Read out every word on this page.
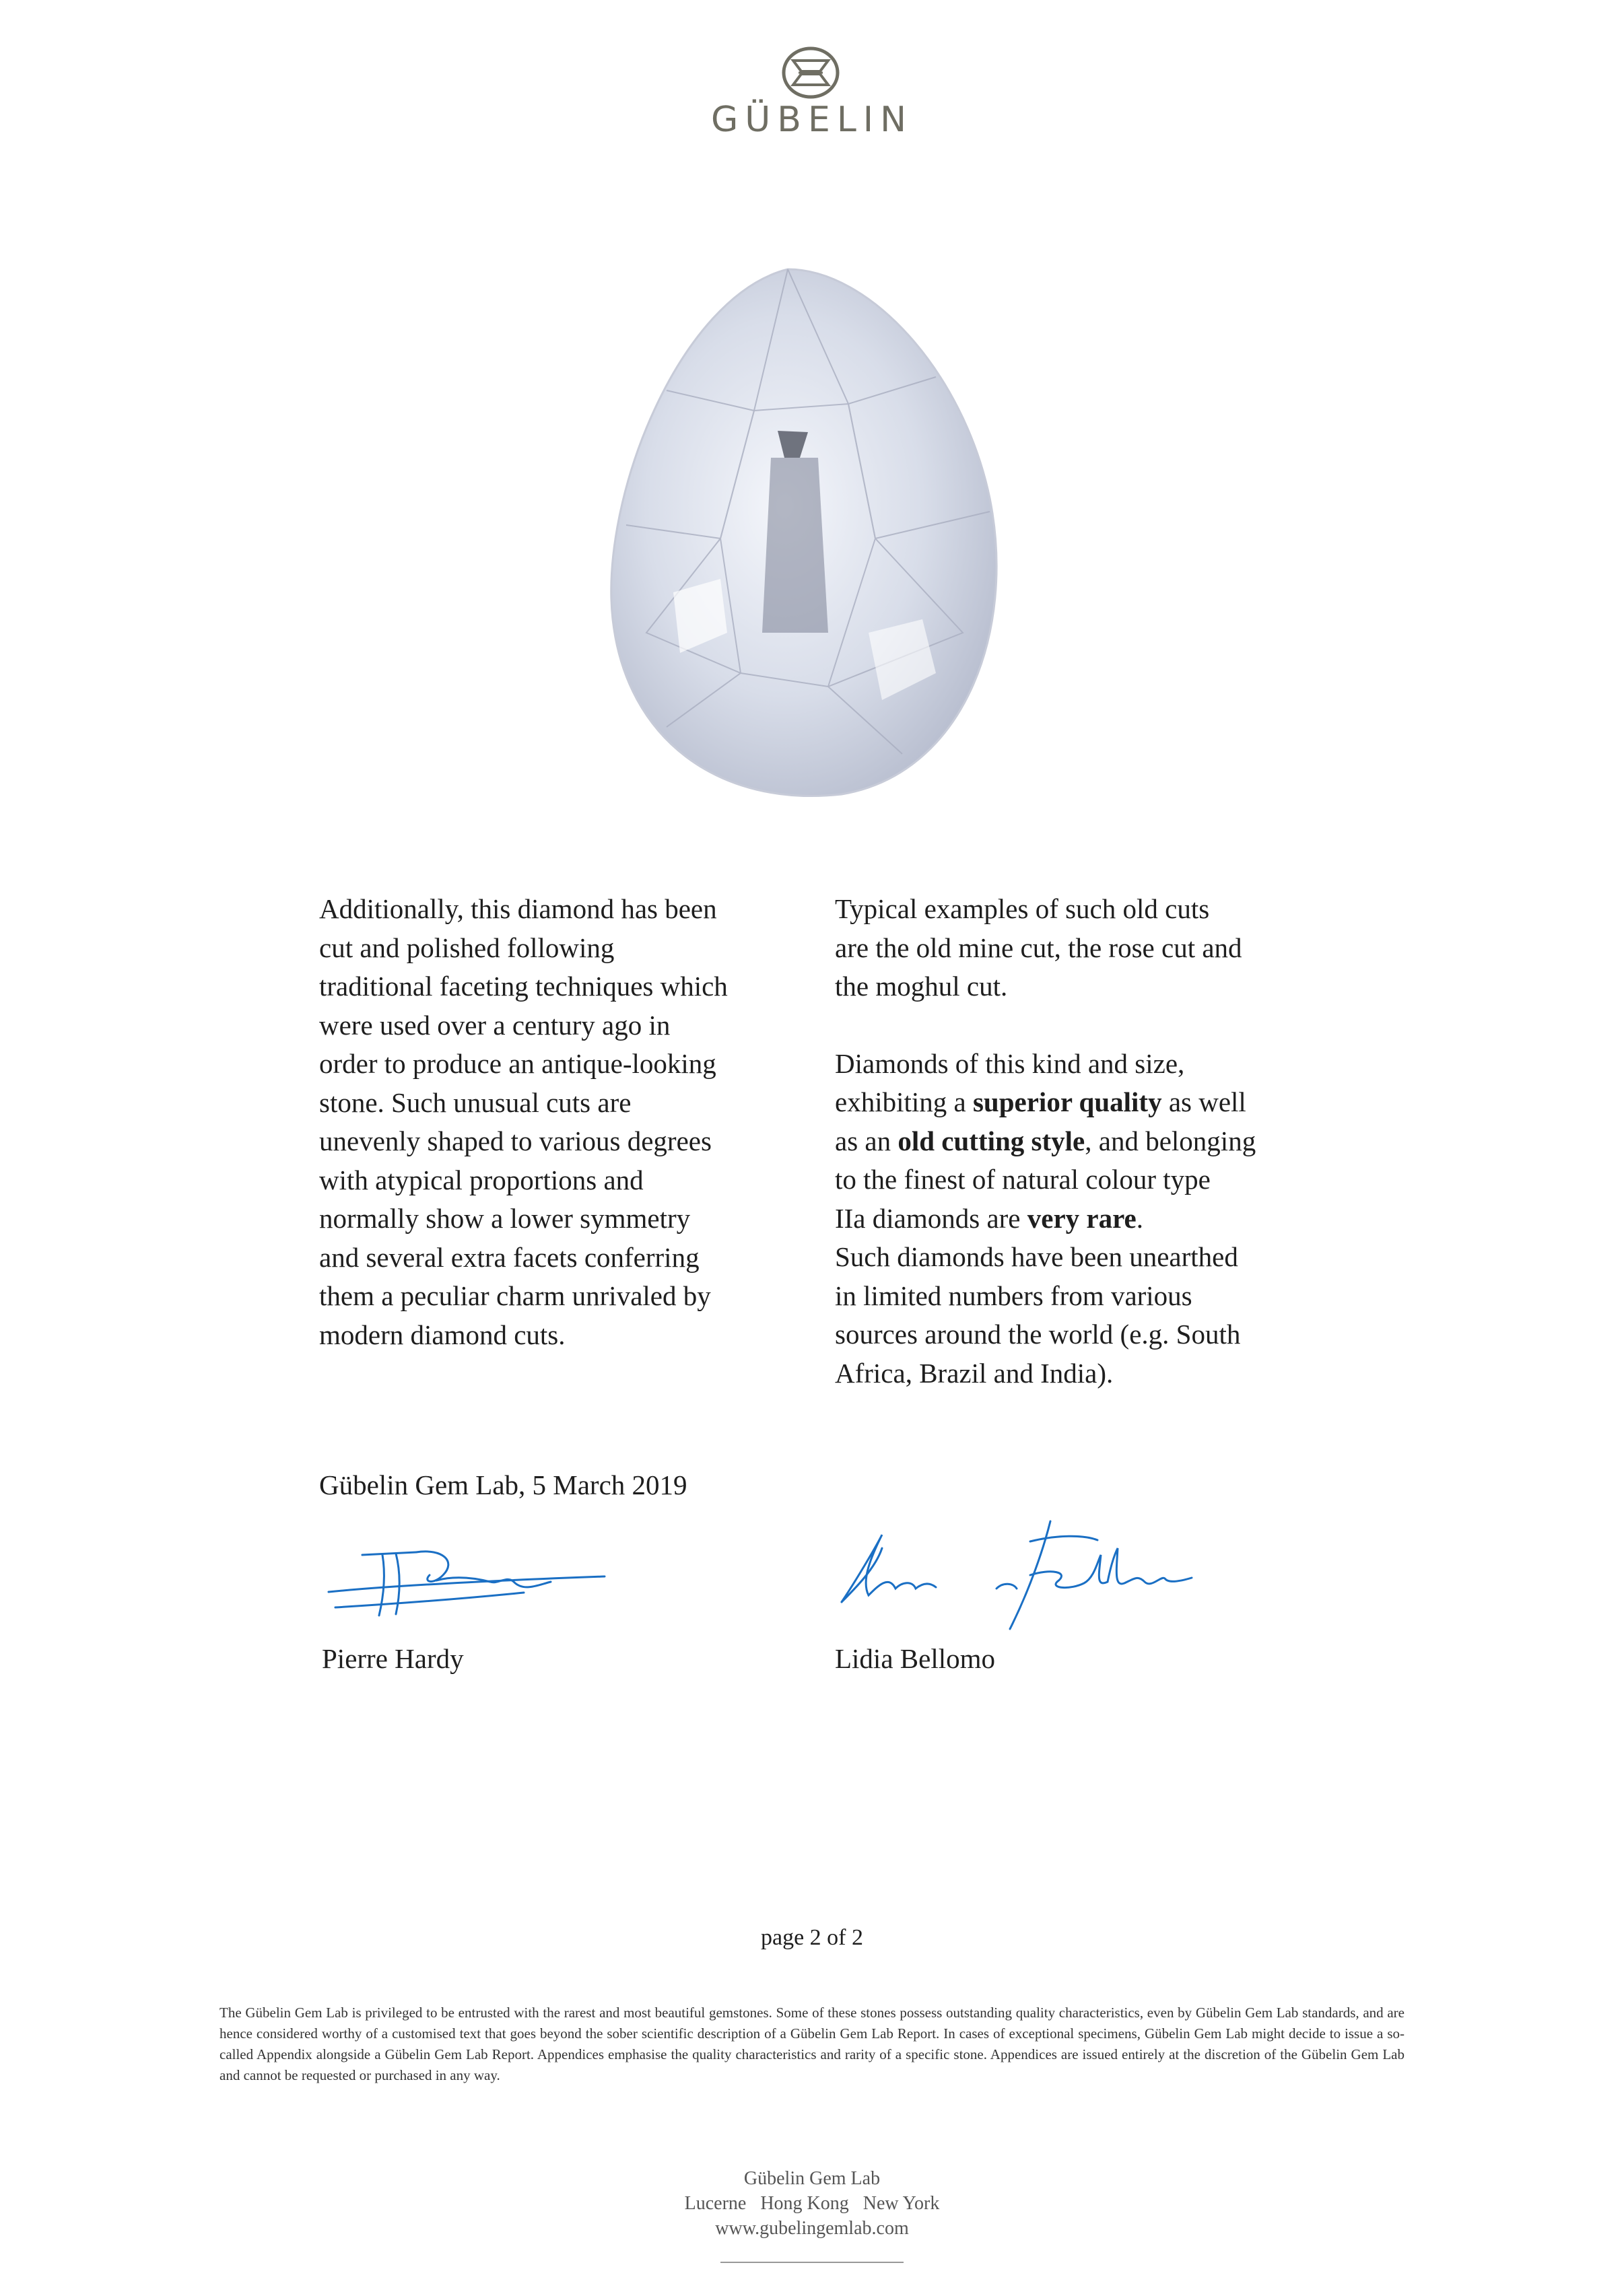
GÜBELIN
Additionally, this diamond has been
cut and polished following
traditional faceting techniques which
were used over a century ago in
order to produce an antique-looking
stone. Such unusual cuts are
unevenly shaped to various degrees
with atypical proportions and
normally show a lower symmetry
and several extra facets conferring
them a peculiar charm unrivaled by
modern diamond cuts.
Typical examples of such old cuts
are the old mine cut, the rose cut and
the moghul cut.
Diamonds of this kind and size,
exhibiting a superior quality as well
as an old cutting style, and belonging
to the finest of natural colour type
IIa diamonds are very rare.
Such diamonds have been unearthed
in limited numbers from various
sources around the world (e.g. South
Africa, Brazil and India).
Gübelin Gem Lab, 5 March 2019
Pierre Hardy	Lidia Bellomo
page 2 of 2
The Gübelin Gem Lab is privileged to be entrusted with the rarest and most beautiful gemstones. Some of these stones possess outstanding quality characteristics, even by Gübelin Gem Lab standards, and are hence considered worthy of a customised text that goes beyond the sober scientific description of a Gübelin Gem Lab Report. In cases of exceptional specimens, Gübelin Gem Lab might decide to issue a so-called Appendix alongside a Gübelin Gem Lab Report. Appendices emphasise the quality characteristics and rarity of a specific stone. Appendices are issued entirely at the discretion of the Gübelin Gem Lab and cannot be requested or purchased in any way.
Gübelin Gem Lab
Lucerne   Hong Kong   New York
www.gubelingemlab.com
